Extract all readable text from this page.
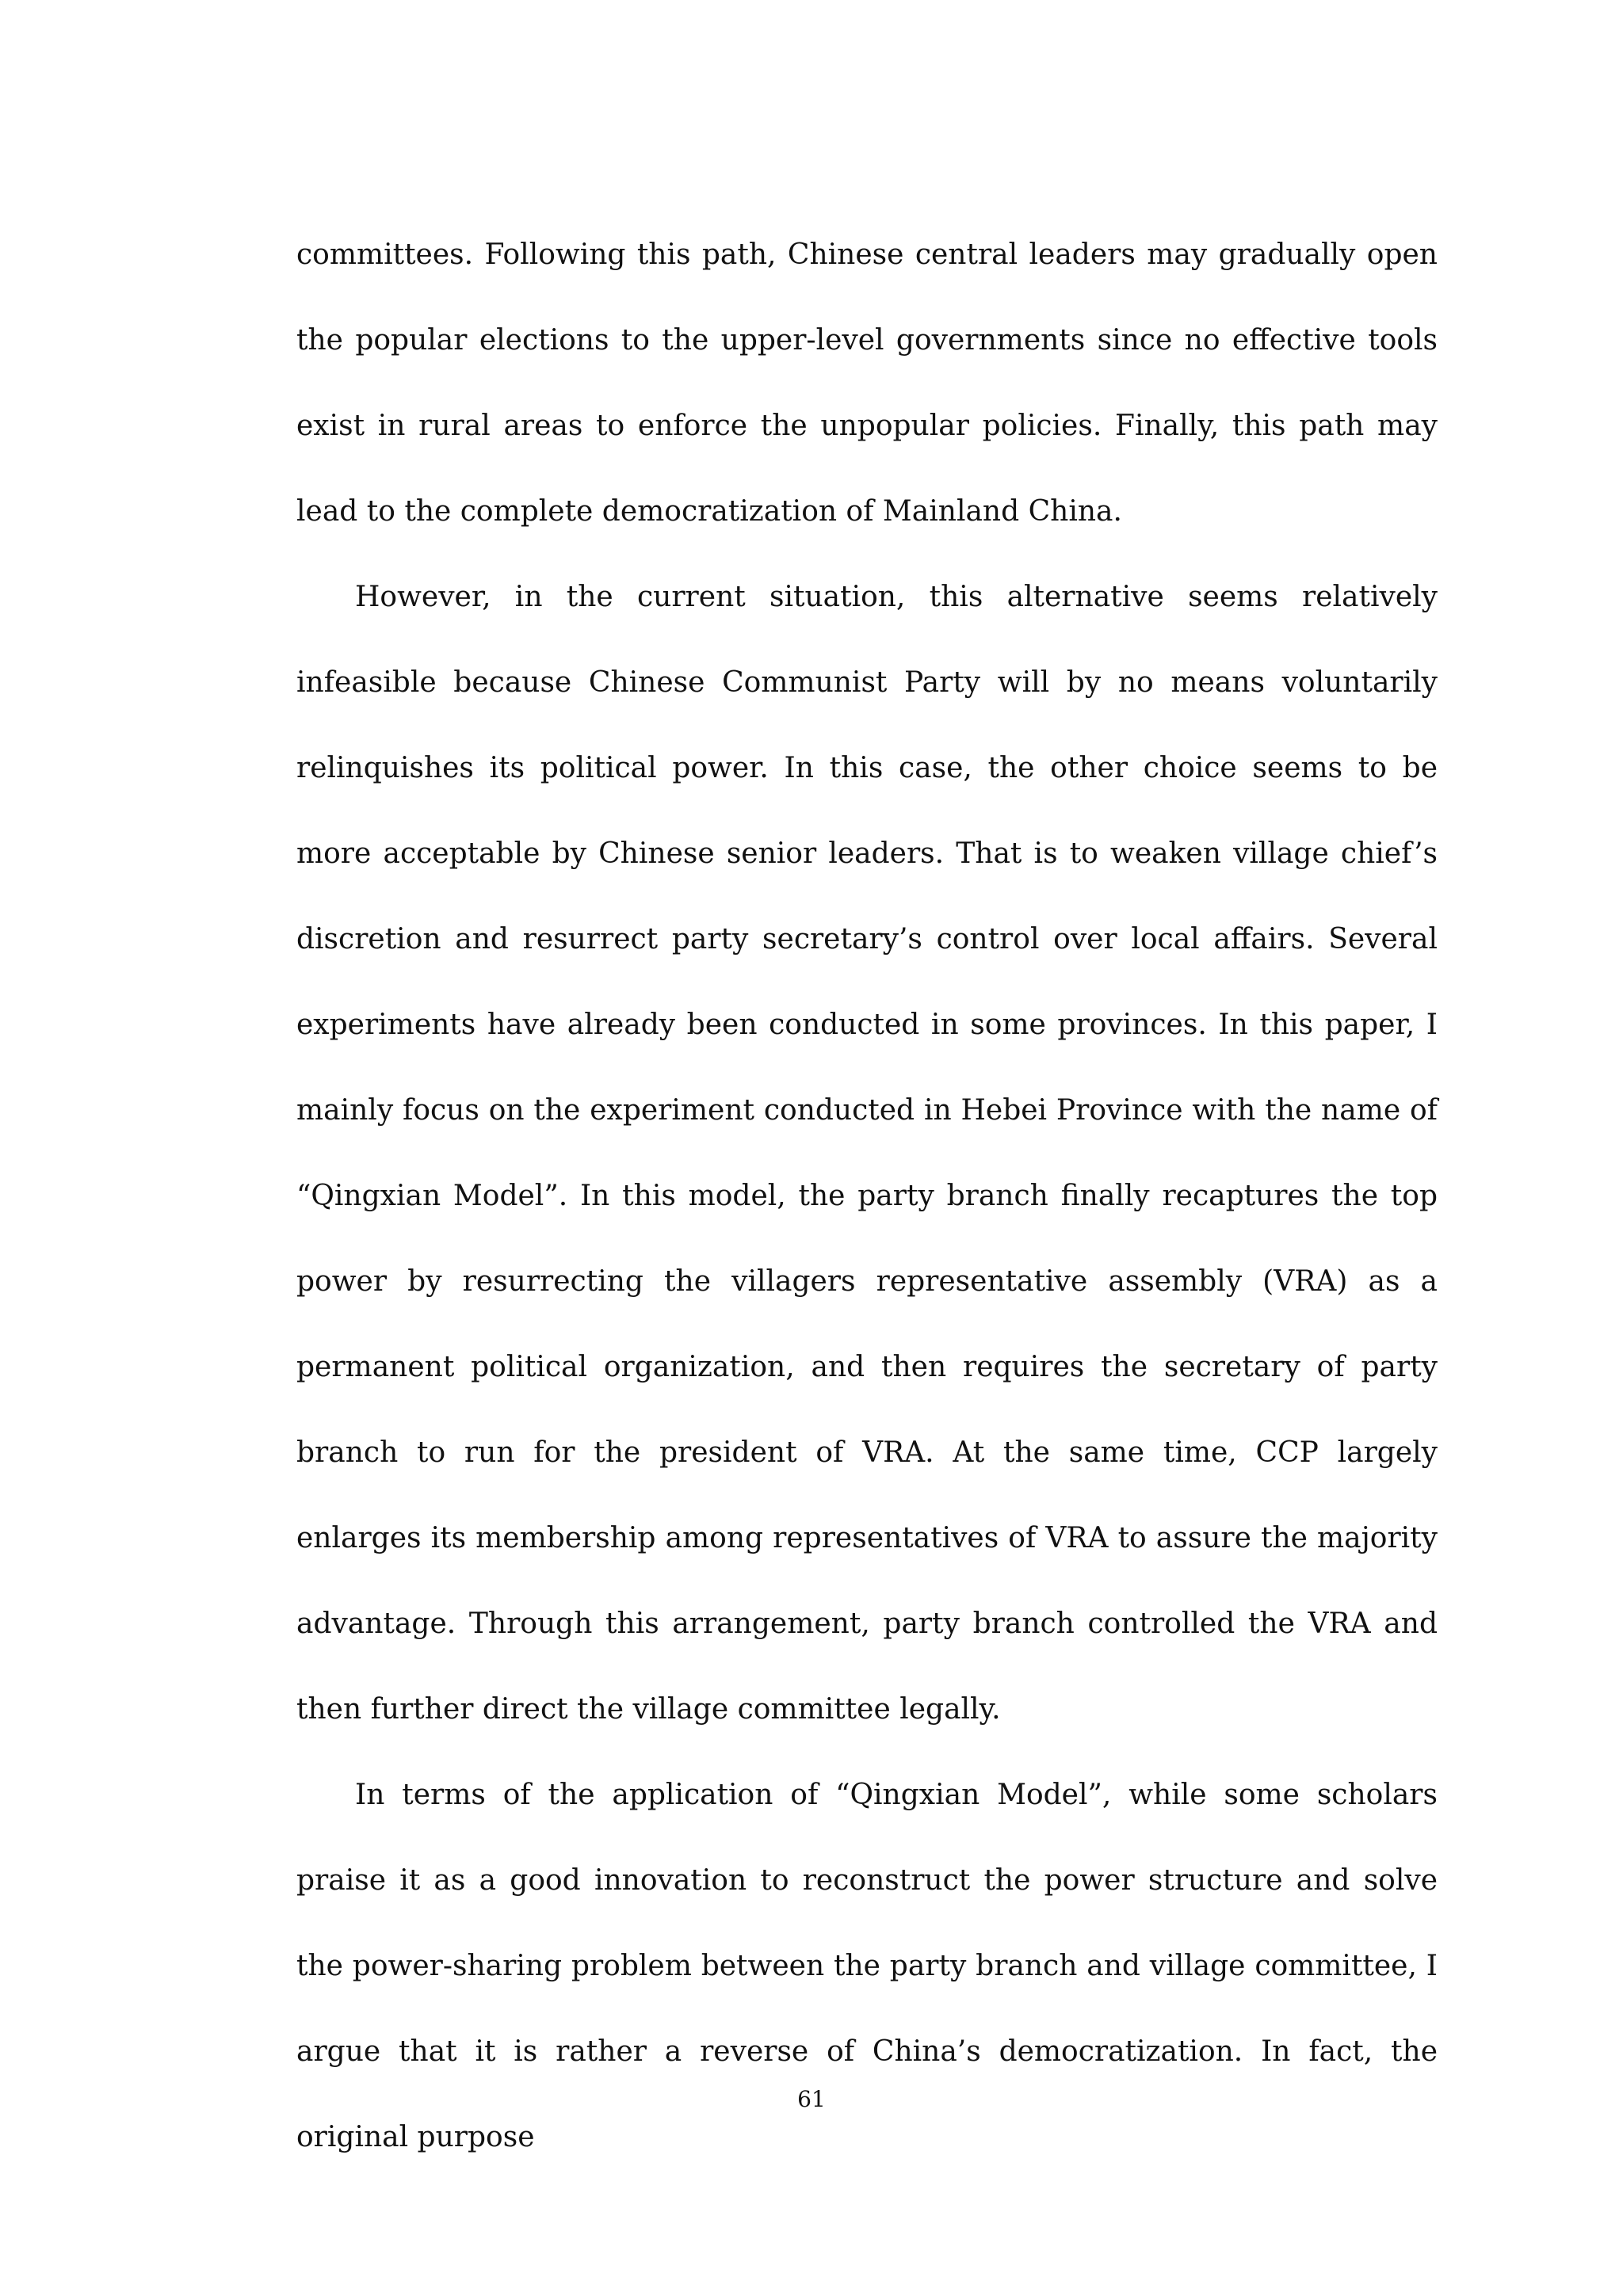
committees. Following this path, Chinese central leaders may gradually open the popular elections to the upper-level governments since no effective tools exist in rural areas to enforce the unpopular policies. Finally, this path may lead to the complete democratization of Mainland China.

However, in the current situation, this alternative seems relatively infeasible because Chinese Communist Party will by no means voluntarily relinquishes its political power. In this case, the other choice seems to be more acceptable by Chinese senior leaders. That is to weaken village chief’s discretion and resurrect party secretary’s control over local affairs. Several experiments have already been conducted in some provinces. In this paper, I mainly focus on the experiment conducted in Hebei Province with the name of “Qingxian Model”. In this model, the party branch finally recaptures the top power by resurrecting the villagers representative assembly (VRA) as a permanent political organization, and then requires the secretary of party branch to run for the president of VRA. At the same time, CCP largely enlarges its membership among representatives of VRA to assure the majority advantage. Through this arrangement, party branch controlled the VRA and then further direct the village committee legally.

In terms of the application of “Qingxian Model”, while some scholars praise it as a good innovation to reconstruct the power structure and solve the power-sharing problem between the party branch and village committee, I argue that it is rather a reverse of China’s democratization. In fact, the original purpose

61
